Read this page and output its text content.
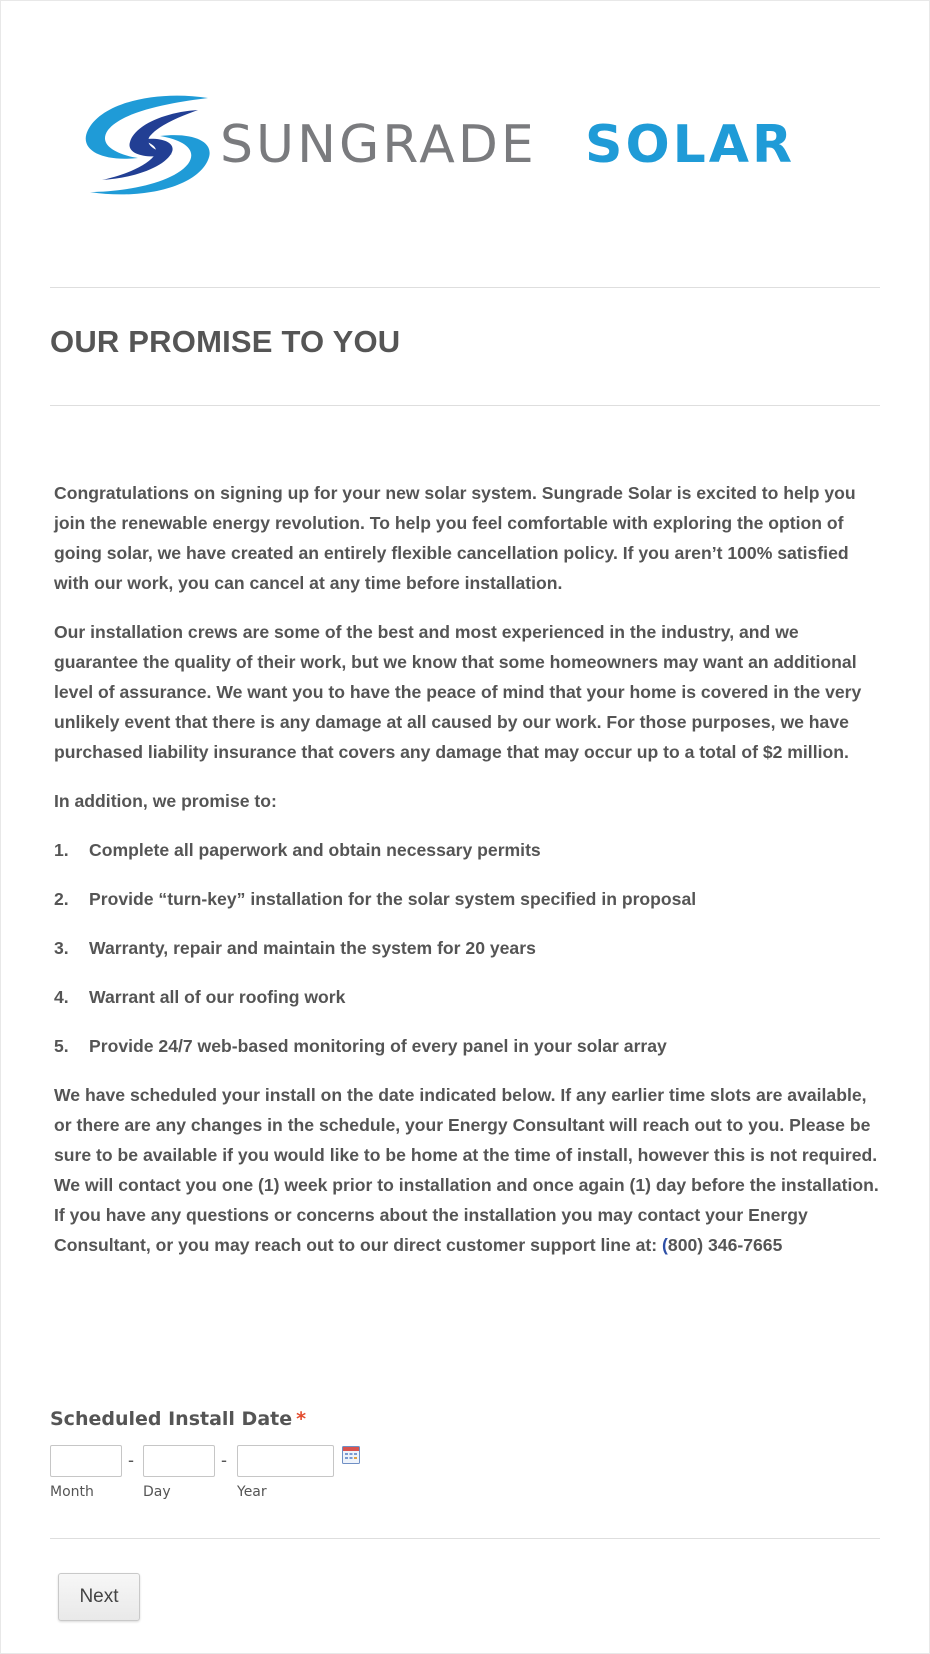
SUNGRADE SOLAR
OUR PROMISE TO YOU

Congratulations on signing up for your new solar system. Sungrade Solar is excited to help you join the renewable energy revolution. To help you feel comfortable with exploring the option of going solar, we have created an entirely flexible cancellation policy. If you aren’t 100% satisfied with our work, you can cancel at any time before installation.

Our installation crews are some of the best and most experienced in the industry, and we guarantee the quality of their work, but we know that some homeowners may want an additional level of assurance. We want you to have the peace of mind that your home is covered in the very unlikely event that there is any damage at all caused by our work. For those purposes, we have purchased liability insurance that covers any damage that may occur up to a total of $2 million.

In addition, we promise to:

1.	Complete all paperwork and obtain necessary permits
2.	Provide “turn-key” installation for the solar system specified in proposal
3.	Warranty, repair and maintain the system for 20 years
4.	Warrant all of our roofing work
5.	Provide 24/7 web-based monitoring of every panel in your solar array

We have scheduled your install on the date indicated below. If any earlier time slots are available, or there are any changes in the schedule, your Energy Consultant will reach out to you. Please be sure to be available if you would like to be home at the time of install, however this is not required. We will contact you one (1) week prior to installation and once again (1) day before the installation. If you have any questions or concerns about the installation you may contact your Energy Consultant, or you may reach out to our direct customer support line at: (800) 346-7665

Scheduled Install Date *
-	-
Month	Day	Year
Next
